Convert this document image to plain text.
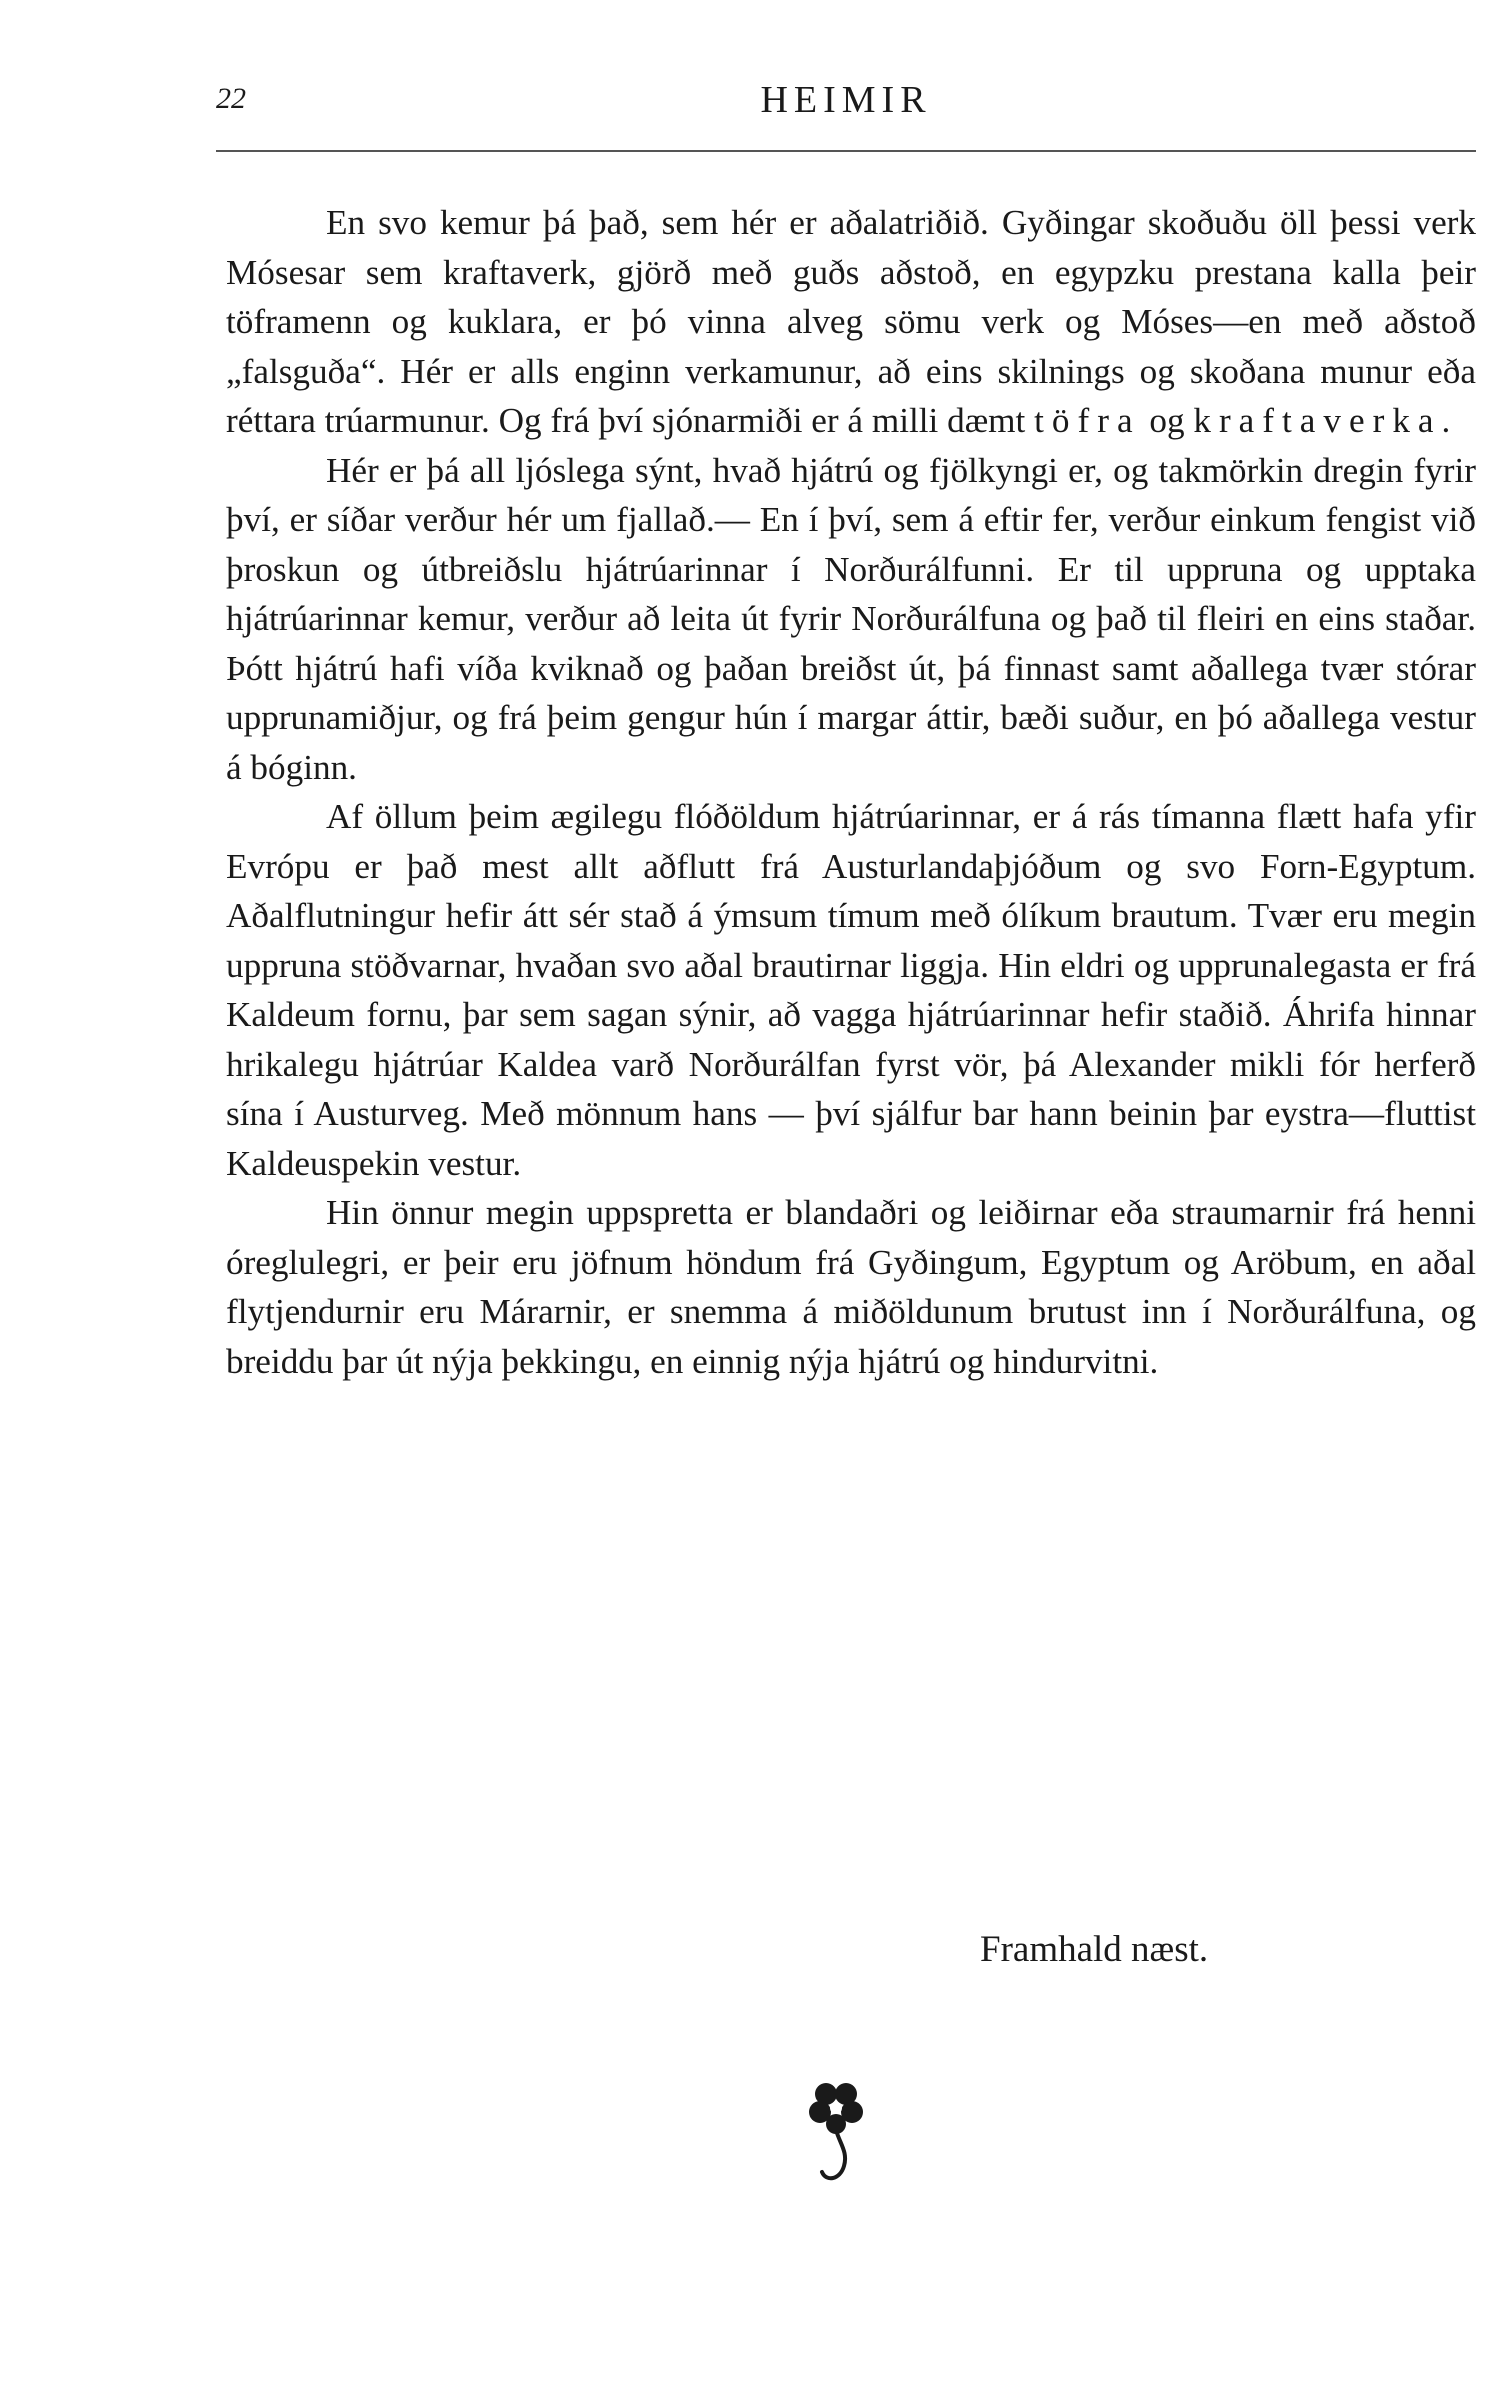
22	HEIMIR

En svo kemur þá það, sem hér er aðalatriðið. Gyðingar skoðuðu öll þessi verk Mósesar sem kraftaverk, gjörð með guðs aðstoð, en egypzku prestana kalla þeir töframenn og kuklara, er þó vinna alveg sömu verk og Móses—en með aðstoð „falsguða“. Hér er alls enginn verkamunur, að eins skilnings og skoðana munur eða réttara trúarmunur. Og frá því sjónarmiði er á milli dæmt töfra og kraftaverka.

Hér er þá all ljóslega sýnt, hvað hjátrú og fjölkyngi er, og takmörkin dregin fyrir því, er síðar verður hér um fjallað.— En í því, sem á eftir fer, verður einkum fengist við þroskun og útbreiðslu hjátrúarinnar í Norðurálfunni. Er til uppruna og upptaka hjátrúarinnar kemur, verður að leita út fyrir Norðurálfuna og það til fleiri en eins staðar. Þótt hjátrú hafi víða kviknað og þaðan breiðst út, þá finnast samt aðallega tvær stórar upprunamiðjur, og frá þeim gengur hún í margar áttir, bæði suður, en þó aðallega vestur á bóginn.

Af öllum þeim ægilegu flóðöldum hjátrúarinnar, er á rás tímanna flætt hafa yfir Evrópu er það mest allt aðflutt frá Austurlandaþjóðum og svo Forn-Egyptum. Aðalflutningur hefir átt sér stað á ýmsum tímum með ólíkum brautum. Tvær eru megin uppruna stöðvarnar, hvaðan svo aðal brautirnar liggja. Hin eldri og upprunalegasta er frá Kaldeum fornu, þar sem sagan sýnir, að vagga hjátrúarinnar hefir staðið. Áhrifa hinnar hrikalegu hjátrúar Kaldea varð Norðurálfan fyrst vör, þá Alexander mikli fór herferð sína í Austurveg. Með mönnum hans — því sjálfur bar hann beinin þar eystra—fluttist Kaldeuspekin vestur.

Hin önnur megin uppspretta er blandaðri og leiðirnar eða straumarnir frá henni óreglulegri, er þeir eru jöfnum höndum frá Gyðingum, Egyptum og Aröbum, en aðal flytjendurnir eru Márarnir, er snemma á miðöldunum brutust inn í Norðurálfuna, og breiddu þar út nýja þekkingu, en einnig nýja hjátrú og hindurvitni.

Framhald næst.
